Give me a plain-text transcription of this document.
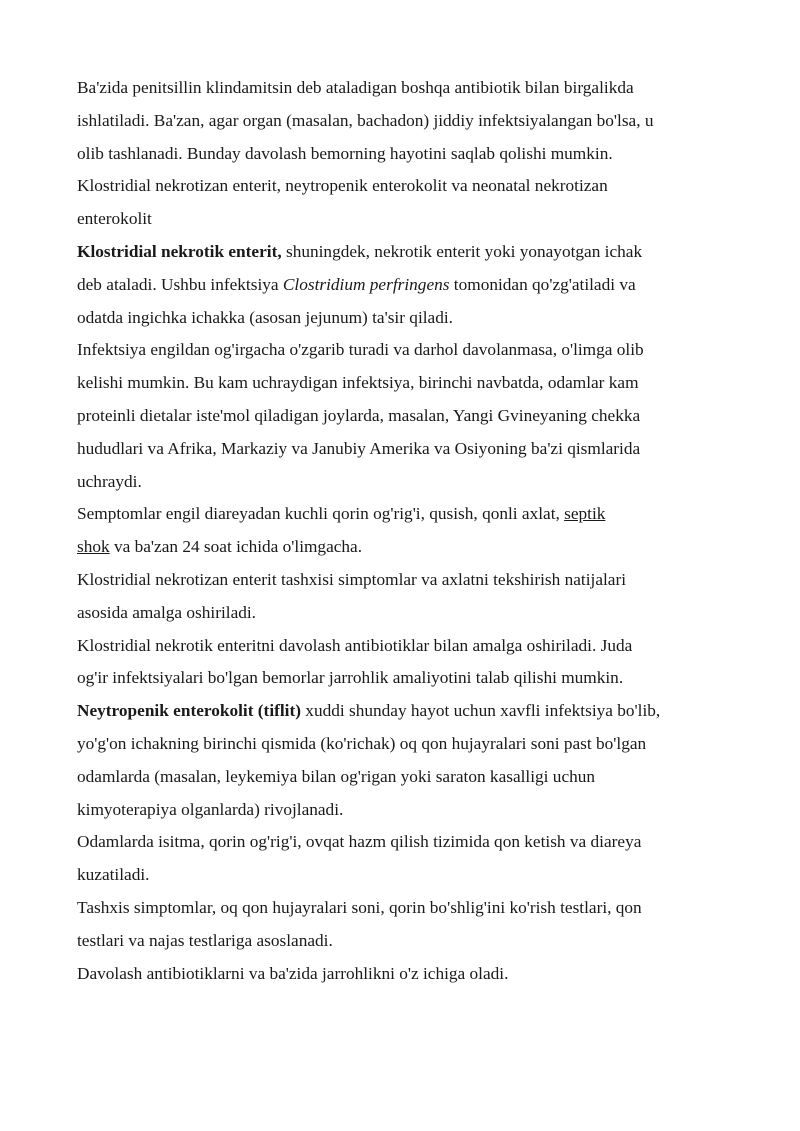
Ba'zida penitsillin klindamitsin deb ataladigan boshqa antibiotik bilan birgalikda
ishlatiladi. Ba'zan, agar organ (masalan, bachadon) jiddiy infektsiyalangan bo'lsa, u
olib tashlanadi. Bunday davolash bemorning hayotini saqlab qolishi mumkin.
Klostridial nekrotizan enterit, neytropenik enterokolit va neonatal nekrotizan
enterokolit
Klostridial nekrotik enterit, shuningdek, nekrotik enterit yoki yonayotgan ichak
deb ataladi. Ushbu infektsiya Clostridium perfringens tomonidan qo'zg'atiladi va
odatda ingichka ichakka (asosan jejunum) ta'sir qiladi.
Infektsiya engildan og'irgacha o'zgarib turadi va darhol davolanmasa, o'limga olib
kelishi mumkin. Bu kam uchraydigan infektsiya, birinchi navbatda, odamlar kam
proteinli dietalar iste'mol qiladigan joylarda, masalan, Yangi Gvineyaning chekka
hududlari va Afrika, Markaziy va Janubiy Amerika va Osiyoning ba'zi qismlarida
uchraydi.
Semptomlar engil diareyadan kuchli qorin og'rig'i, qusish, qonli axlat, septik
shok va ba'zan 24 soat ichida o'limgacha.
Klostridial nekrotizan enterit tashxisi simptomlar va axlatni tekshirish natijalari
asosida amalga oshiriladi.
Klostridial nekrotik enteritni davolash antibiotiklar bilan amalga oshiriladi. Juda
og'ir infektsiyalari bo'lgan bemorlar jarrohlik amaliyotini talab qilishi mumkin.
Neytropenik enterokolit (tiflit) xuddi shunday hayot uchun xavfli infektsiya bo'lib,
yo'g'on ichakning birinchi qismida (ko'richak) oq qon hujayralari soni past bo'lgan
odamlarda (masalan, leykemiya bilan og'rigan yoki saraton kasalligi uchun
kimyoterapiya olganlarda) rivojlanadi.
Odamlarda isitma, qorin og'rig'i, ovqat hazm qilish tizimida qon ketish va diareya
kuzatiladi.
Tashxis simptomlar, oq qon hujayralari soni, qorin bo'shlig'ini ko'rish testlari, qon
testlari va najas testlariga asoslanadi.
Davolash antibiotiklarni va ba'zida jarrohlikni o'z ichiga oladi.
